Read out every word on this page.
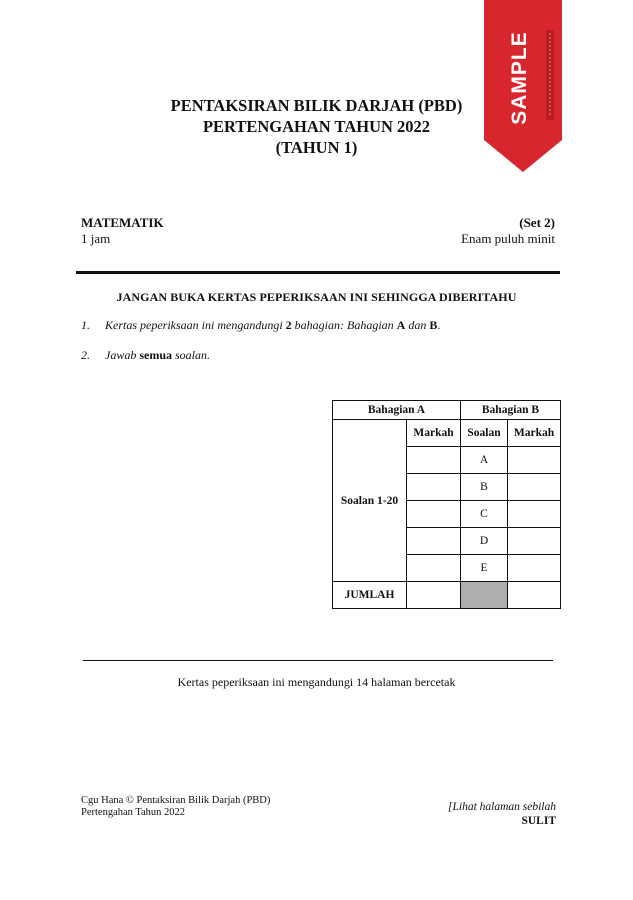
SAMPLE
PENTAKSIRAN BILIK DARJAH (PBD)
PERTENGAHAN TAHUN 2022
(TAHUN 1)
MATEMATIK
1 jam
(Set 2)
Enam puluh minit
JANGAN BUKA KERTAS PEPERIKSAAN INI SEHINGGA DIBERITAHU
1. Kertas peperiksaan ini mengandungi 2 bahagian: Bahagian A dan B.
2. Jawab semua soalan.
Bahagian A		Bahagian B	
Soalan 1-20	Markah	Soalan	Markah
		A	
		B	
		C	
		D	
		E	
JUMLAH			
Kertas peperiksaan ini mengandungi 14 halaman bercetak
Cgu Hana © Pentaksiran Bilik Darjah (PBD)
Pertengahan Tahun 2022	[Lihat halaman sebilah
SULIT
